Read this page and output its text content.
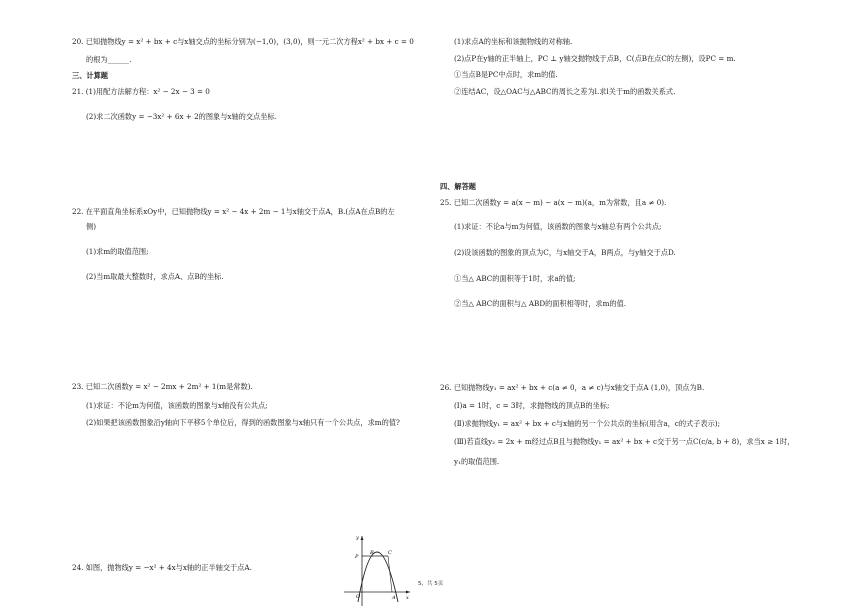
20. 已知抛物线y = x² + bx + c与x轴交点的坐标分别为(−1,0)，(3,0)，则一元二次方程x² + bx + c = 0
的根为______.
三、计算题
21. (1)用配方法解方程：x² − 2x − 3 = 0
(2)求二次函数y = −3x² + 6x + 2的图象与x轴的交点坐标.
22. 在平面直角坐标系xOy中，已知抛物线y = x² − 4x + 2m − 1与x轴交于点A，B.(点A在点B的左
侧)
(1)求m的取值范围;
(2)当m取最大整数时，求点A、点B的坐标.
23. 已知二次函数y = x² − 2mx + 2m² + 1(m是常数).
(1)求证：不论m为何值，该函数的图象与x轴没有公共点;
(2)如果把该函数图象沿y轴向下平移5个单位后，得到的函数图象与x轴只有一个公共点，求m的值?
24. 如图，抛物线y = −x² + 4x与x轴的正半轴交于点A.
(1)求点A的坐标和该抛物线的对称轴.
(2)点P在y轴的正半轴上，PC ⊥ y轴交抛物线于点B，C(点B在点C的左侧)，设PC = m.
①当点B是PC中点时，求m的值.
②连结AC，设△OAC与△ABC的周长之差为l.求l关于m的函数关系式.
四、解答题
25. 已知二次函数y = a(x − m) − a(x − m)(a，m为常数，且a ≠ 0).
(1)求证：不论a与m为何值，该函数的图象与x轴总有两个公共点;
(2)设该函数的图象的顶点为C，与x轴交于A，B两点，与y轴交于点D.
①当△ ABC的面积等于1时，求a的值;
②当△ ABC的面积与△ ABD的面积相等时，求m的值.
26. 已知抛物线y₁ = ax² + bx + c(a ≠ 0，a ≠ c)与x轴交于点A (1,0)，顶点为B.
(Ⅰ)a = 1时，c = 3时，求抛物线的顶点B的坐标;
(Ⅱ)求抛物线y₁ = ax² + bx + c与x轴的另一个公共点的坐标(用含a，c的式子表示);
(Ⅲ)若直线y₂ = 2x + m经过点B且与抛物线y₁ = ax² + bx + c交于另一点C(c/a, b + 8)，求当x ≥ 1时，
y₁的取值范围.
y
x
P
B	C
O	A
5、共 5页
